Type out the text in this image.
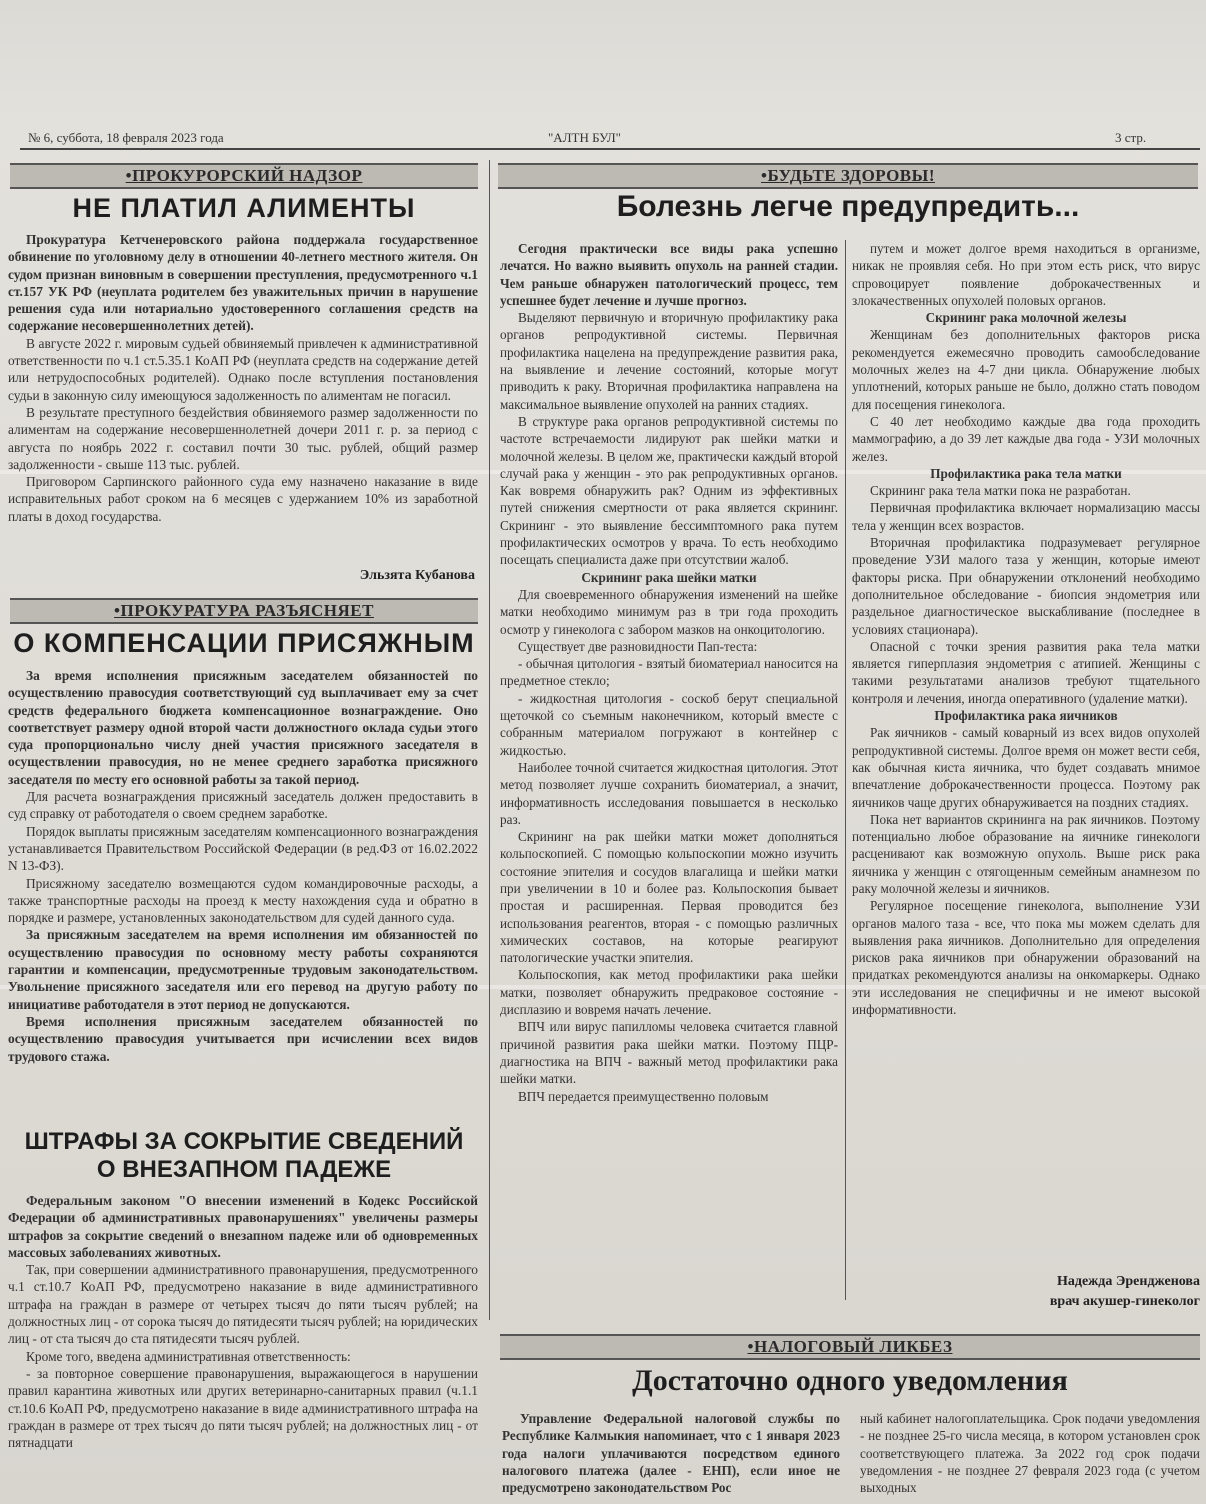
№ 6, суббота, 18 февраля 2023 года	"АЛТН БУЛ"	3 стр.
•ПРОКУРОРСКИЙ НАДЗОР
НЕ ПЛАТИЛ АЛИМЕНТЫ

Прокуратура Кетченеровского района поддержала государственное обвинение по уголовному делу в отношении 40-летнего местного жителя. Он судом признан виновным в совершении преступления, предусмотренного ч.1 ст.157 УК РФ (неуплата родителем без уважительных причин в нарушение решения суда или нотариально удостоверенного соглашения средств на содержание несовершеннолетних детей).

В августе 2022 г. мировым судьей обвиняемый привлечен к административной ответственности по ч.1 ст.5.35.1 КоАП РФ (неуплата средств на содержание детей или нетрудоспособных родителей). Однако после вступления постановления судьи в законную силу имеющуюся задолженность по алиментам не погасил.

В результате преступного бездействия обвиняемого размер задолженности по алиментам на содержание несовершеннолетней дочери 2011 г. р. за период с августа по ноябрь 2022 г. составил почти 30 тыс. рублей, общий размер задолженности - свыше 113 тыс. рублей.

Приговором Сарпинского районного суда ему назначено наказание в виде исправительных работ сроком на 6 месяцев с удержанием 10% из заработной платы в доход государства.

Эльзята Кубанова
•ПРОКУРАТУРА РАЗЪЯСНЯЕТ
О КОМПЕНСАЦИИ ПРИСЯЖНЫМ

За время исполнения присяжным заседателем обязанностей по осуществлению правосудия соответствующий суд выплачивает ему за счет средств федерального бюджета компенсационное вознаграждение. Оно соответствует размеру одной второй части должностного оклада судьи этого суда пропорционально числу дней участия присяжного заседателя в осуществлении правосудия, но не менее среднего заработка присяжного заседателя по месту его основной работы за такой период.

Для расчета вознаграждения присяжный заседатель должен предоставить в суд справку от работодателя о своем среднем заработке.

Порядок выплаты присяжным заседателям компенсационного вознаграждения устанавливается Правительством Российской Федерации (в ред.ФЗ от 16.02.2022 N 13-ФЗ).

Присяжному заседателю возмещаются судом командировочные расходы, а также транспортные расходы на проезд к месту нахождения суда и обратно в порядке и размере, установленных законодательством для судей данного суда.

За присяжным заседателем на время исполнения им обязанностей по осуществлению правосудия по основному месту работы сохраняются гарантии и компенсации, предусмотренные трудовым законодательством. Увольнение присяжного заседателя или его перевод на другую работу по инициативе работодателя в этот период не допускаются.

Время исполнения присяжным заседателем обязанностей по осуществлению правосудия учитывается при исчислении всех видов трудового стажа.

ШТРАФЫ ЗА СОКРЫТИЕ СВЕДЕНИЙ
О ВНЕЗАПНОМ ПАДЕЖЕ

Федеральным законом "О внесении изменений в Кодекс Российской Федерации об административных правонарушениях" увеличены размеры штрафов за сокрытие сведений о внезапном падеже или об одновременных массовых заболеваниях животных.

Так, при совершении административного правонарушения, предусмотренного ч.1 ст.10.7 КоАП РФ, предусмотрено наказание в виде административного штрафа на граждан в размере от четырех тысяч до пяти тысяч рублей; на должностных лиц - от сорока тысяч до пятидесяти тысяч рублей; на юридических лиц - от ста тысяч до ста пятидесяти тысяч рублей.

Кроме того, введена административная ответственность:

- за повторное совершение правонарушения, выражающегося в нарушении правил карантина животных или других ветеринарно-санитарных правил (ч.1.1 ст.10.6 КоАП РФ, предусмотрено наказание в виде административного штрафа на граждан в размере от трех тысяч до пяти тысяч рублей; на должностных лиц - от пятнадцати

•БУДЬТЕ ЗДОРОВЫ!
Болезнь легче предупредить...

Сегодня практически все виды рака успешно лечатся. Но важно выявить опухоль на ранней стадии. Чем раньше обнаружен патологический процесс, тем успешнее будет лечение и лучше прогноз.

Выделяют первичную и вторичную профилактику рака органов репродуктивной системы. Первичная профилактика нацелена на предупреждение развития рака, на выявление и лечение состояний, которые могут приводить к раку. Вторичная профилактика направлена на максимальное выявление опухолей на ранних стадиях.

В структуре рака органов репродуктивной системы по частоте встречаемости лидируют рак шейки матки и молочной железы. В целом же, практически каждый второй случай рака у женщин - это рак репродуктивных органов. Как вовремя обнаружить рак? Одним из эффективных путей снижения смертности от рака является скрининг. Скрининг - это выявление бессимптомного рака путем профилактических осмотров у врача. То есть необходимо посещать специалиста даже при отсутствии жалоб.

Скрининг рака шейки матки

Для своевременного обнаружения изменений на шейке матки необходимо минимум раз в три года проходить осмотр у гинеколога с забором мазков на онкоцитологию.

Существует две разновидности Пап-теста:

- обычная цитология - взятый биоматериал наносится на предметное стекло;

- жидкостная цитология - соскоб берут специальной щеточкой со съемным наконечником, который вместе с собранным материалом погружают в контейнер с жидкостью.

Наиболее точной считается жидкостная цитология. Этот метод позволяет лучше сохранить биоматериал, а значит, информативность исследования повышается в несколько раз.

Скрининг на рак шейки матки может дополняться кольпоскопией. С помощью кольпоскопии можно изучить состояние эпителия и сосудов влагалища и шейки матки при увеличении в 10 и более раз. Кольпоскопия бывает простая и расширенная. Первая проводится без использования реагентов, вторая - с помощью различных химических составов, на которые реагируют патологические участки эпителия.

Кольпоскопия, как метод профилактики рака шейки матки, позволяет обнаружить предраковое состояние - дисплазию и вовремя начать лечение.

ВПЧ или вирус папилломы человека считается главной причиной развития рака шейки матки. Поэтому ПЦР-диагностика на ВПЧ - важный метод профилактики рака шейки матки.

ВПЧ передается преимущественно половым

путем и может долгое время находиться в организме, никак не проявляя себя. Но при этом есть риск, что вирус спровоцирует появление доброкачественных и злокачественных опухолей половых органов.

Скрининг рака молочной железы

Женщинам без дополнительных факторов риска рекомендуется ежемесячно проводить самообследование молочных желез на 4-7 дни цикла. Обнаружение любых уплотнений, которых раньше не было, должно стать поводом для посещения гинеколога.

С 40 лет необходимо каждые два года проходить маммографию, а до 39 лет каждые два года - УЗИ молочных желез.

Профилактика рака тела матки

Скрининг рака тела матки пока не разработан.

Первичная профилактика включает нормализацию массы тела у женщин всех возрастов.

Вторичная профилактика подразумевает регулярное проведение УЗИ малого таза у женщин, которые имеют факторы риска. При обнаружении отклонений необходимо дополнительное обследование - биопсия эндометрия или раздельное диагностическое выскабливание (последнее в условиях стационара).

Опасной с точки зрения развития рака тела матки является гиперплазия эндометрия с атипией. Женщины с такими результатами анализов требуют тщательного контроля и лечения, иногда оперативного (удаление матки).

Профилактика рака яичников

Рак яичников - самый коварный из всех видов опухолей репродуктивной системы. Долгое время он может вести себя, как обычная киста яичника, что будет создавать мнимое впечатление доброкачественности процесса. Поэтому рак яичников чаще других обнаруживается на поздних стадиях.

Пока нет вариантов скрининга на рак яичников. Поэтому потенциально любое образование на яичнике гинекологи расценивают как возможную опухоль. Выше риск рака яичника у женщин с отягощенным семейным анамнезом по раку молочной железы и яичников.

Регулярное посещение гинеколога, выполнение УЗИ органов малого таза - все, что пока мы можем сделать для выявления рака яичников. Дополнительно для определения рисков рака яичников при обнаружении образований на придатках рекомендуются анализы на онкомаркеры. Однако эти исследования не специфичны и не имеют высокой информативности.

Надежда Эрендженова
врач акушер-гинеколог
•НАЛОГОВЫЙ ЛИКБЕЗ
Достаточно одного уведомления

Управление Федеральной налоговой службы по Республике Калмыкия напоминает, что с 1 января 2023 года налоги уплачиваются посредством единого налогового платежа (далее - ЕНП), если иное не предусмотрено законодательством Рос

ный кабинет налогоплательщика. Срок подачи уведомления - не позднее 25-го числа месяца, в котором установлен срок соответствующего платежа. За 2022 год срок подачи уведомления - не позднее 27 февраля 2023 года (с учетом выходных
